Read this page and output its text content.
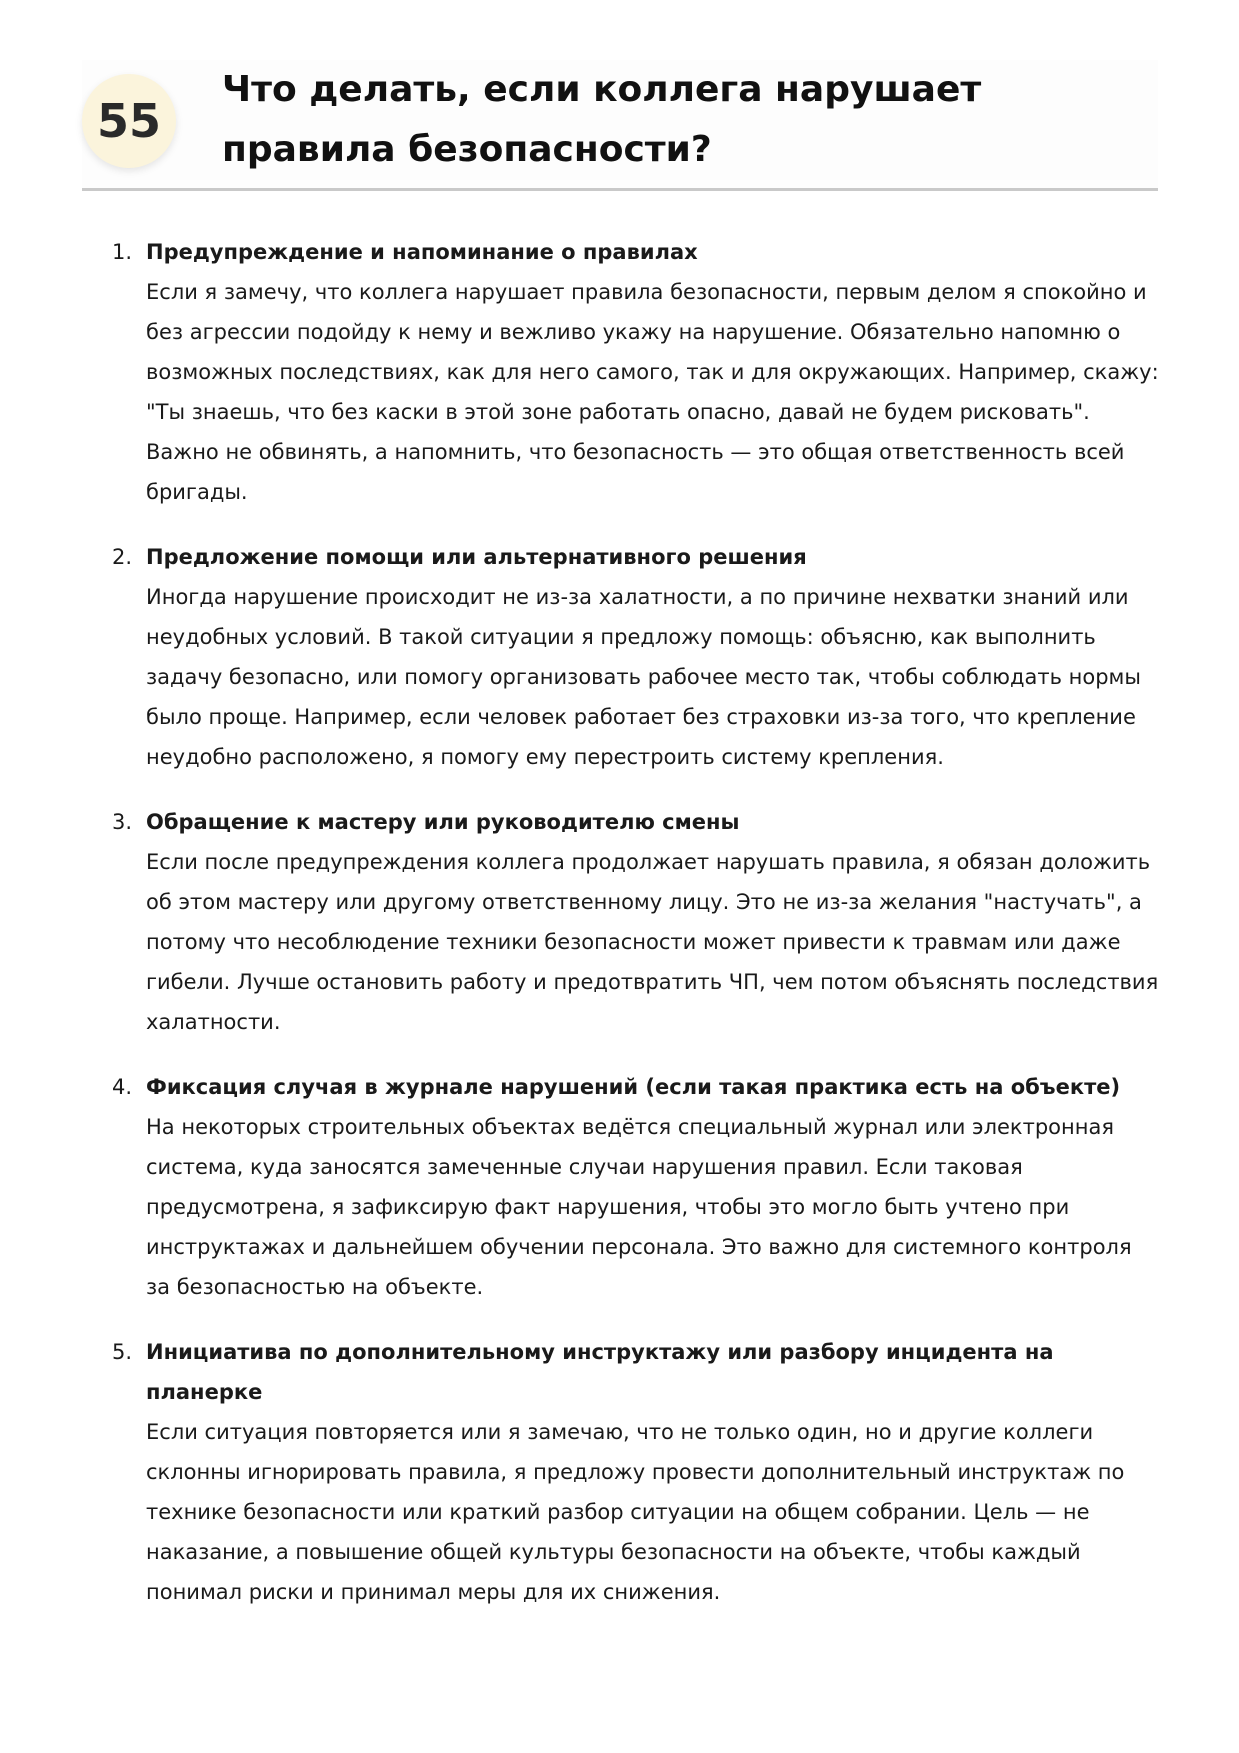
55
Что делать, если коллега нарушает правила безопасности?
1. Предупреждение и напоминание о правилах
Если я замечу, что коллега нарушает правила безопасности, первым делом я спокойно и без агрессии подойду к нему и вежливо укажу на нарушение. Обязательно напомню о возможных последствиях, как для него самого, так и для окружающих. Например, скажу: "Ты знаешь, что без каски в этой зоне работать опасно, давай не будем рисковать". Важно не обвинять, а напомнить, что безопасность — это общая ответственность всей бригады.
2. Предложение помощи или альтернативного решения
Иногда нарушение происходит не из-за халатности, а по причине нехватки знаний или неудобных условий. В такой ситуации я предложу помощь: объясню, как выполнить задачу безопасно, или помогу организовать рабочее место так, чтобы соблюдать нормы было проще. Например, если человек работает без страховки из-за того, что крепление неудобно расположено, я помогу ему перестроить систему крепления.
3. Обращение к мастеру или руководителю смены
Если после предупреждения коллега продолжает нарушать правила, я обязан доложить об этом мастеру или другому ответственному лицу. Это не из-за желания "настучать", а потому что несоблюдение техники безопасности может привести к травмам или даже гибели. Лучше остановить работу и предотвратить ЧП, чем потом объяснять последствия халатности.
4. Фиксация случая в журнале нарушений (если такая практика есть на объекте)
На некоторых строительных объектах ведётся специальный журнал или электронная система, куда заносятся замеченные случаи нарушения правил. Если таковая предусмотрена, я зафиксирую факт нарушения, чтобы это могло быть учтено при инструктажах и дальнейшем обучении персонала. Это важно для системного контроля за безопасностью на объекте.
5. Инициатива по дополнительному инструктажу или разбору инцидента на планерке
Если ситуация повторяется или я замечаю, что не только один, но и другие коллеги склонны игнорировать правила, я предложу провести дополнительный инструктаж по технике безопасности или краткий разбор ситуации на общем собрании. Цель — не наказание, а повышение общей культуры безопасности на объекте, чтобы каждый понимал риски и принимал меры для их снижения.
